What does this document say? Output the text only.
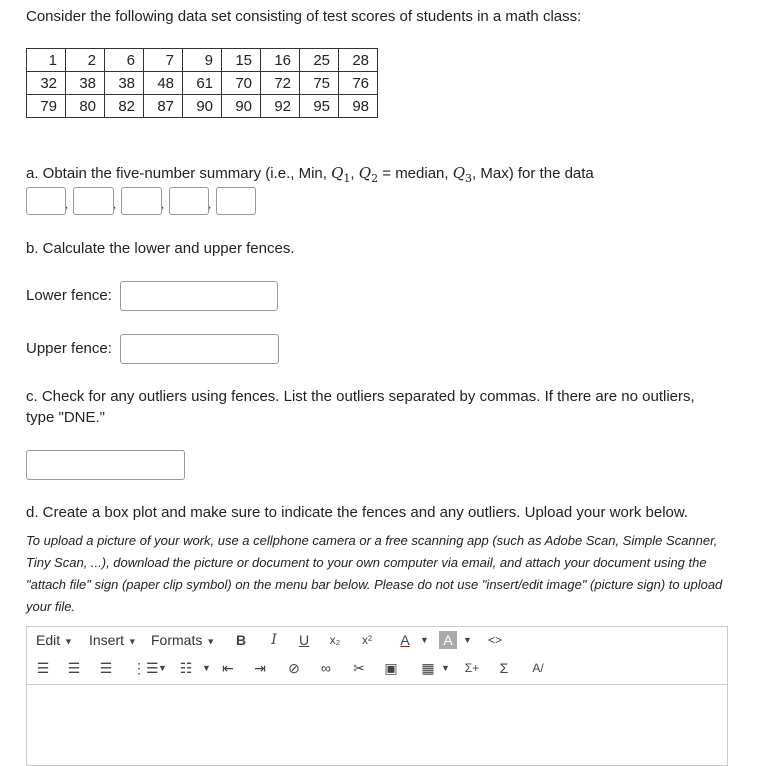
Consider the following data set consisting of test scores of students in a math class:
1	2	6	7	9	15	16	25	28
32	38	38	48	61	70	72	75	76
79	80	82	87	90	90	92	95	98
a. Obtain the five-number summary (i.e., Min, $Q_1$, $Q_2$ = median, $Q_3$, Max) for the data
,	,	,	,
b. Calculate the lower and upper fences.
Lower fence:
Upper fence:
c. Check for any outliers using fences. List the outliers separated by commas. If there are no outliers,
type "DNE."
d. Create a box plot and make sure to indicate the fences and any outliers. Upload your work below.
To upload a picture of your work, use a cellphone camera or a free scanning app (such as Adobe Scan, Simple Scanner,
Tiny Scan, ...), download the picture or document to your own computer via email, and attach your document using the
"attach file" sign (paper clip symbol) on the menu bar below. Please do not use "insert/edit image" (picture sign) to upload
your file.
Edit ▼ Insert ▼ Formats ▼ B	I	U	x₂	x²	A	▼	A	▼ <>
☰ ☰ ☰ ⋮☰ ▼ ☷	▼ ⇤ ⇥ ⊘ ∞ ✂ ▣ ▦ ▼ Σ+	Σ	A/
